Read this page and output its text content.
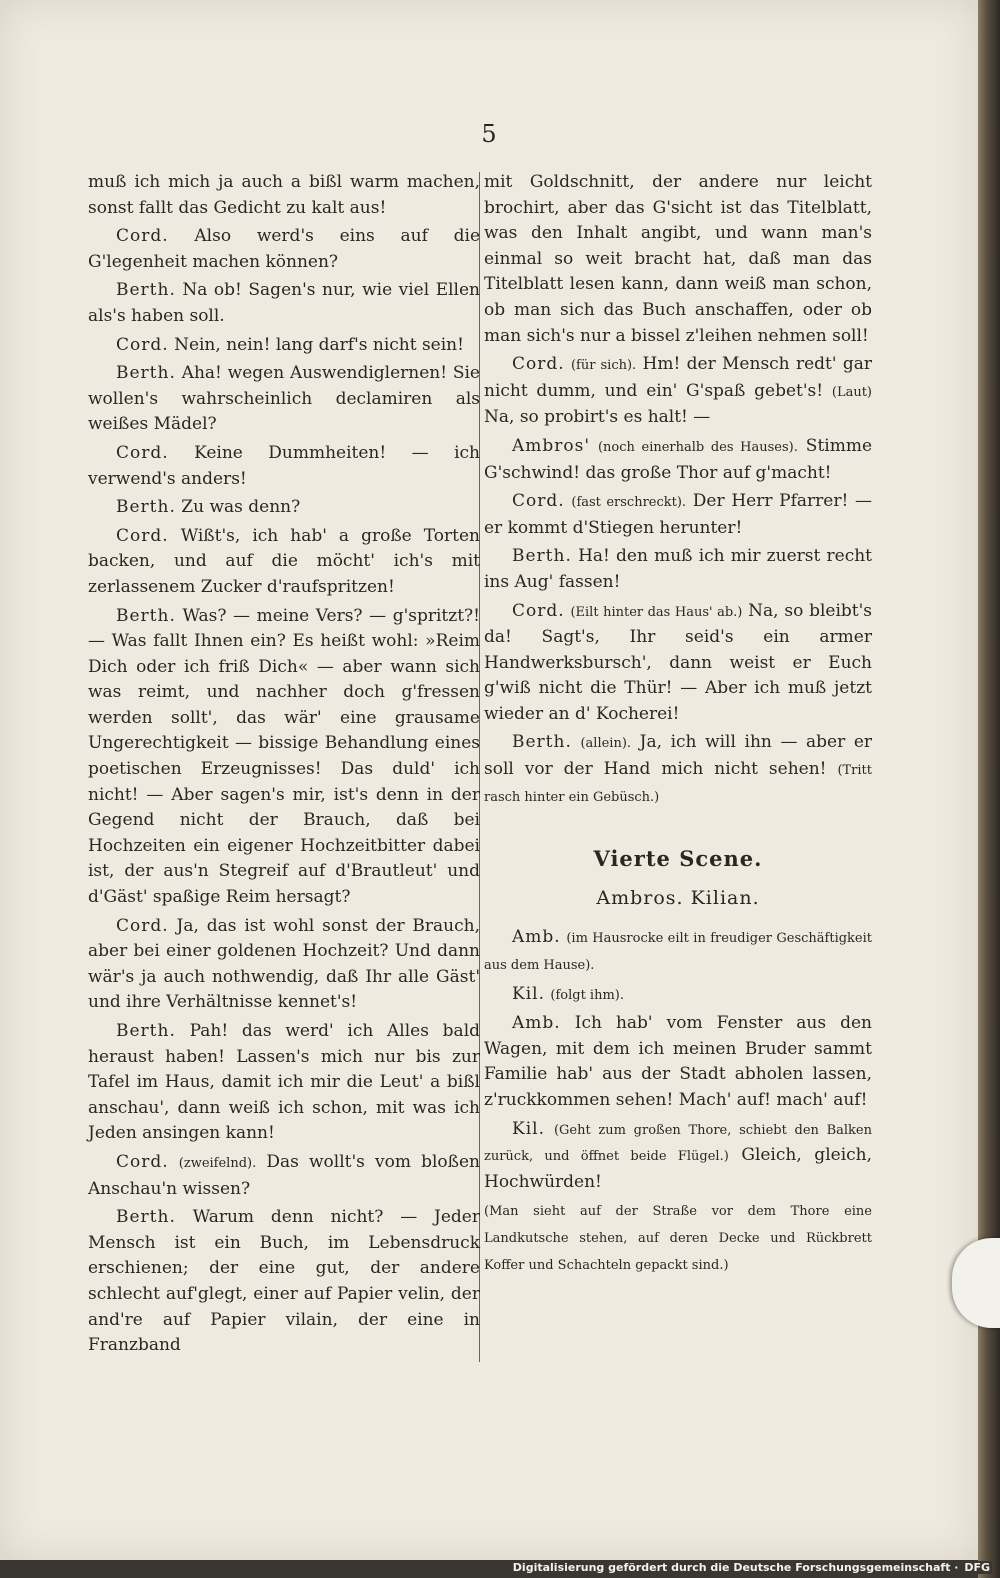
5

muß ich mich ja auch a bißl warm machen, sonst fallt das Gedicht zu kalt aus!

Cord. Also werd's eins auf die G'legenheit machen können?

Berth. Na ob! Sagen's nur, wie viel Ellen als's haben soll.

Cord. Nein, nein! lang darf's nicht sein!

Berth. Aha! wegen Auswendiglernen! Sie wollen's wahrscheinlich declamiren als weißes Mädel?

Cord. Keine Dummheiten! — ich verwend's anders!

Berth. Zu was denn?

Cord. Wißt's, ich hab' a große Torten backen, und auf die möcht' ich's mit zerlassenem Zucker d'raufspritzen!

Berth. Was? — meine Vers? — g'spritzt?! — Was fallt Ihnen ein? Es heißt wohl: »Reim Dich oder ich friß Dich« — aber wann sich was reimt, und nachher doch g'fressen werden sollt', das wär' eine grausame Ungerechtigkeit — bissige Behandlung eines poetischen Erzeugnisses! Das duld' ich nicht! — Aber sagen's mir, ist's denn in der Gegend nicht der Brauch, daß bei Hochzeiten ein eigener Hochzeitbitter dabei ist, der aus'n Stegreif auf d'Brautleut' und d'Gäst' spaßige Reim hersagt?

Cord. Ja, das ist wohl sonst der Brauch, aber bei einer goldenen Hochzeit? Und dann wär's ja auch nothwendig, daß Ihr alle Gäst' und ihre Verhältnisse kennet's!

Berth. Pah! das werd' ich Alles bald heraust haben! Lassen's mich nur bis zur Tafel im Haus, damit ich mir die Leut' a bißl anschau', dann weiß ich schon, mit was ich Jeden ansingen kann!

Cord. (zweifelnd). Das wollt's vom bloßen Anschau'n wissen?

Berth. Warum denn nicht? — Jeder Mensch ist ein Buch, im Lebensdruck erschienen; der eine gut, der andere schlecht auf'glegt, einer auf Papier velin, der and're auf Papier vilain, der eine in Franzband

mit Goldschnitt, der andere nur leicht brochirt, aber das G'sicht ist das Titelblatt, was den Inhalt angibt, und wann man's einmal so weit bracht hat, daß man das Titelblatt lesen kann, dann weiß man schon, ob man sich das Buch anschaffen, oder ob man sich's nur a bissel z'leihen nehmen soll!

Cord. (für sich). Hm! der Mensch redt' gar nicht dumm, und ein' G'spaß gebet's! (Laut) Na, so probirt's es halt! —

Ambros' (noch einerhalb des Hauses). Stimme G'schwind! das große Thor auf g'macht!

Cord. (fast erschreckt). Der Herr Pfarrer! — er kommt d'Stiegen herunter!

Berth. Ha! den muß ich mir zuerst recht ins Aug' fassen!

Cord. (Eilt hinter das Haus' ab.) Na, so bleibt's da! Sagt's, Ihr seid's ein armer Handwerksbursch', dann weist er Euch g'wiß nicht die Thür! — Aber ich muß jetzt wieder an d' Kocherei!

Berth. (allein). Ja, ich will ihn — aber er soll vor der Hand mich nicht sehen! (Tritt rasch hinter ein Gebüsch.)

Vierte Scene.
Ambros. Kilian.

Amb. (im Hausrocke eilt in freudiger Geschäftigkeit aus dem Hause).

Kil. (folgt ihm).

Amb. Ich hab' vom Fenster aus den Wagen, mit dem ich meinen Bruder sammt Familie hab' aus der Stadt abholen lassen, z'ruckkommen sehen! Mach' auf! mach' auf!

Kil. (Geht zum großen Thore, schiebt den Balken zurück, und öffnet beide Flügel.) Gleich, gleich, Hochwürden!

(Man sieht auf der Straße vor dem Thore eine Landkutsche stehen, auf deren Decke und Rückbrett Koffer und Schachteln gepackt sind.)

Digitalisierung gefördert durch die Deutsche Forschungsgemeinschaft · DFG
